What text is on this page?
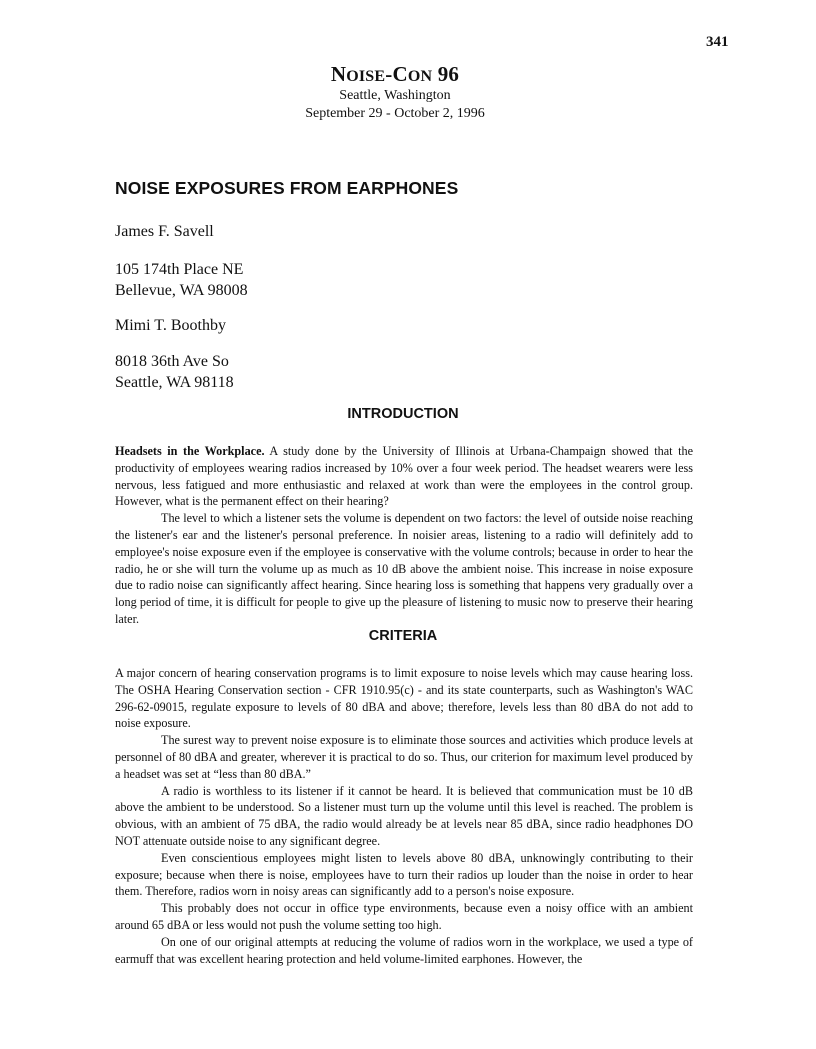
341
NOISE-CON 96
Seattle, Washington
September 29 - October 2, 1996
NOISE EXPOSURES FROM EARPHONES
James F. Savell
105 174th Place NE
Bellevue, WA 98008
Mimi T. Boothby
8018 36th Ave So
Seattle, WA 98118
INTRODUCTION

Headsets in the Workplace. A study done by the University of Illinois at Urbana-Champaign showed that the productivity of employees wearing radios increased by 10% over a four week period. The headset wearers were less nervous, less fatigued and more enthusiastic and relaxed at work than were the employees in the control group. However, what is the permanent effect on their hearing?

The level to which a listener sets the volume is dependent on two factors: the level of outside noise reaching the listener's ear and the listener's personal preference. In noisier areas, listening to a radio will definitely add to employee's noise exposure even if the employee is conservative with the volume controls; because in order to hear the radio, he or she will turn the volume up as much as 10 dB above the ambient noise. This increase in noise exposure due to radio noise can significantly affect hearing. Since hearing loss is something that happens very gradually over a long period of time, it is difficult for people to give up the pleasure of listening to music now to preserve their hearing later.

CRITERIA

A major concern of hearing conservation programs is to limit exposure to noise levels which may cause hearing loss. The OSHA Hearing Conservation section - CFR 1910.95(c) - and its state counterparts, such as Washington's WAC 296-62-09015, regulate exposure to levels of 80 dBA and above; therefore, levels less than 80 dBA do not add to noise exposure.

The surest way to prevent noise exposure is to eliminate those sources and activities which produce levels at personnel of 80 dBA and greater, wherever it is practical to do so. Thus, our criterion for maximum level produced by a headset was set at “less than 80 dBA.”

A radio is worthless to its listener if it cannot be heard. It is believed that communication must be 10 dB above the ambient to be understood. So a listener must turn up the volume until this level is reached. The problem is obvious, with an ambient of 75 dBA, the radio would already be at levels near 85 dBA, since radio headphones DO NOT attenuate outside noise to any significant degree.

Even conscientious employees might listen to levels above 80 dBA, unknowingly contributing to their exposure; because when there is noise, employees have to turn their radios up louder than the noise in order to hear them. Therefore, radios worn in noisy areas can significantly add to a person's noise exposure.

This probably does not occur in office type environments, because even a noisy office with an ambient around 65 dBA or less would not push the volume setting too high.

On one of our original attempts at reducing the volume of radios worn in the workplace, we used a type of earmuff that was excellent hearing protection and held volume-limited earphones. However, the
